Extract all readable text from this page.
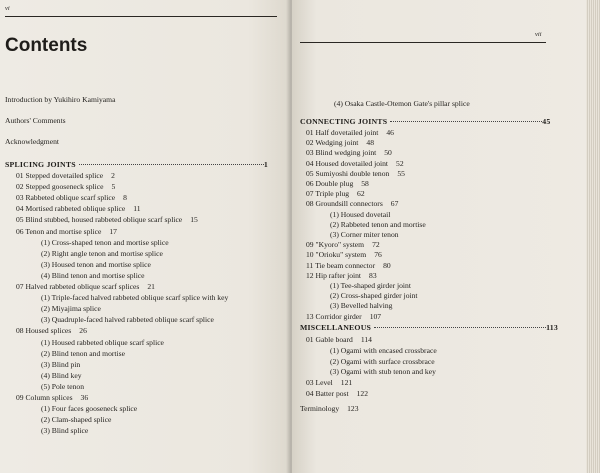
vi
Contents
Introduction by Yukihiro Kamiyama
Authors' Comments
Acknowledgment
SPLICING JOINTS	1
01 Stepped dovetailed splice 2
02 Stepped gooseneck splice 5
03 Rabbeted oblique scarf splice 8
04 Mortised rabbeted oblique splice 11
05 Blind stubbed, housed rabbeted oblique scarf splice 15
06 Tenon and mortise splice 17
(1) Cross-shaped tenon and mortise splice
(2) Right angle tenon and mortise splice
(3) Housed tenon and mortise splice
(4) Blind tenon and mortise splice
07 Halved rabbeted oblique scarf splices 21
(1) Triple-faced halved rabbeted oblique scarf splice with key
(2) Miyajima splice
(3) Quadruple-faced halved rabbeted oblique scarf splice
08 Housed splices 26
(1) Housed rabbeted oblique scarf splice
(2) Blind tenon and mortise
(3) Blind pin
(4) Blind key
(5) Pole tenon
09 Column splices 36
(1) Four faces gooseneck splice
(2) Clam-shaped splice
(3) Blind splice
vii
(4) Osaka Castle-Otemon Gate's pillar splice
CONNECTING JOINTS	45
01 Half dovetailed joint 46
02 Wedging joint 48
03 Blind wedging joint 50
04 Housed dovetailed joint 52
05 Sumiyoshi double tenon 55
06 Double plug 58
07 Triple plug 62
08 Groundsill connectors 67
(1) Housed dovetail
(2) Rabbeted tenon and mortise
(3) Corner miter tenon
09 "Kyoro" system 72
10 "Orioku" system 76
11 Tie beam connector 80
12 Hip rafter joint 83
(1) Tee-shaped girder joint
(2) Cross-shaped girder joint
(3) Bevelled halving
13 Corridor girder 107
MISCELLANEOUS	113
01 Gable board 114
(1) Ogami with encased crossbrace
(2) Ogami with surface crossbrace
(3) Ogami with stub tenon and key
03 Level 121
04 Batter post 122
Terminology 123
